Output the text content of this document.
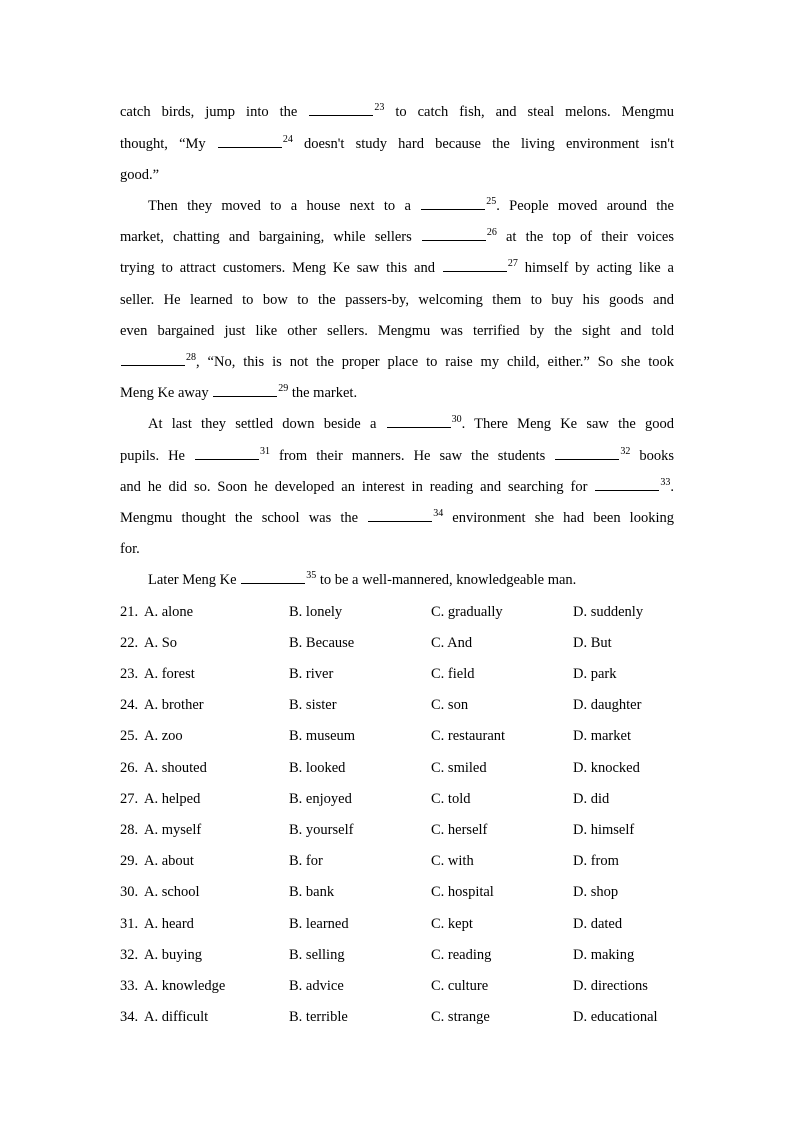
catch birds, jump into the	$^{23}$ to catch fish, and steal melons. Mengmu
thought, “My	$^{24}$ doesn't study hard because the living environment isn't
good.”
Then they moved to a house next to a	$^{25}$. People moved around the
market, chatting and bargaining, while sellers	$^{26}$ at the top of their voices
trying to attract customers. Meng Ke saw this and	$^{27}$ himself by acting like a
seller. He learned to bow to the passers-by, welcoming them to buy his goods and
even bargained just like other sellers. Mengmu was terrified by the sight and told
$^{28}$, “No, this is not the proper place to raise my child, either.” So she took
Meng Ke away	$^{29}$ the market.
At last they settled down beside a	$^{30}$. There Meng Ke saw the good
pupils. He	$^{31}$ from their manners. He saw the students	$^{32}$ books
and he did so. Soon he developed an interest in reading and searching for	$^{33}$.
Mengmu thought the school was the	$^{34}$ environment she had been looking
for.
Later Meng Ke	$^{35}$ to be a well-mannered, knowledgeable man.
21. A. alone	B. lonely	C. gradually	D. suddenly
22. A. So	B. Because	C. And	D. But
23. A. forest	B. river	C. field	D. park
24. A. brother	B. sister	C. son	D. daughter
25. A. zoo	B. museum	C. restaurant	D. market
26. A. shouted	B. looked	C. smiled	D. knocked
27. A. helped	B. enjoyed	C. told	D. did
28. A. myself	B. yourself	C. herself	D. himself
29. A. about	B. for	C. with	D. from
30. A. school	B. bank	C. hospital	D. shop
31. A. heard	B. learned	C. kept	D. dated
32. A. buying	B. selling	C. reading	D. making
33. A. knowledge	B. advice	C. culture	D. directions
34. A. difficult	B. terrible	C. strange	D. educational
